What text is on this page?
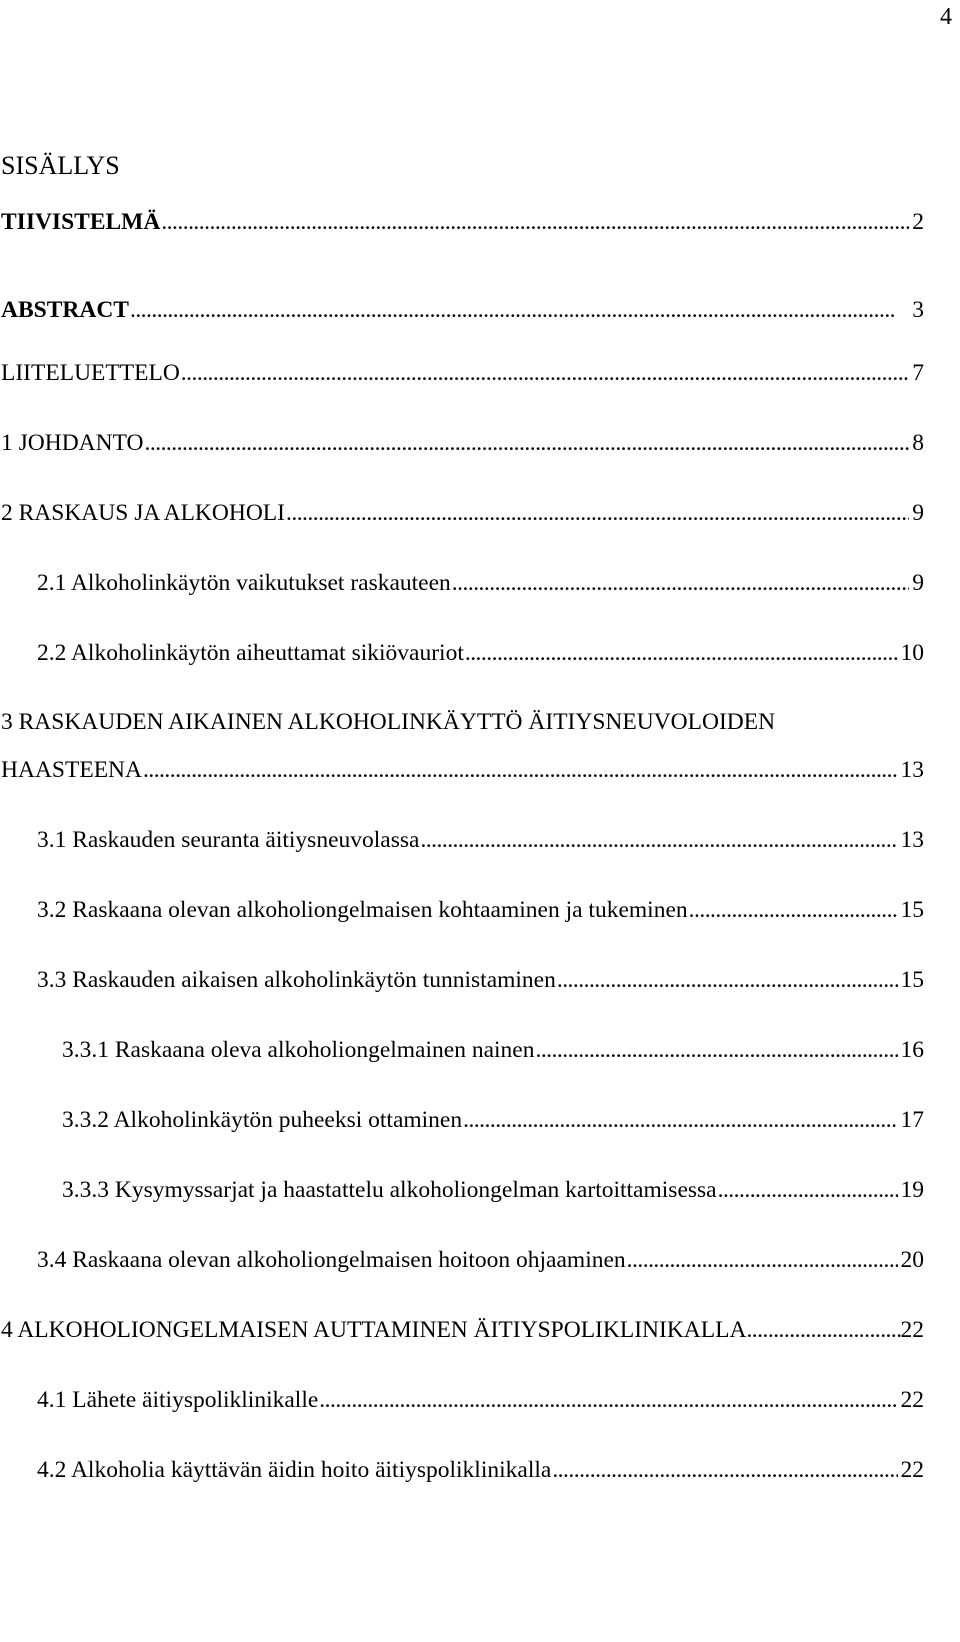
4
SISÄLLYS
TIIVISTELMÄ . . .	2
ABSTRACT . . .	3
LIITELUETTELO . . .	7
1 JOHDANTO . . .	8
2 RASKAUS JA ALKOHOLI . . .	9
2.1 Alkoholinkäytön vaikutukset raskauteen . . .	9
2.2 Alkoholinkäytön aiheuttamat sikiövauriot . . .	10
3 RASKAUDEN AIKAINEN ALKOHOLINKÄYTTÖ ÄITIYSNEUVOLOIDEN
HAASTEENA . . .	13
3.1 Raskauden seuranta äitiysneuvolassa . . .	13
3.2 Raskaana olevan alkoholiongelmaisen kohtaaminen ja tukeminen . . .	15
3.3 Raskauden aikaisen alkoholinkäytön tunnistaminen . . .	15
3.3.1 Raskaana oleva alkoholiongelmainen nainen . . .	16
3.3.2 Alkoholinkäytön puheeksi ottaminen . . .	17
3.3.3 Kysymyssarjat ja haastattelu alkoholiongelman kartoittamisessa . . .	19
3.4 Raskaana olevan alkoholiongelmaisen hoitoon ohjaaminen . . .	20
4 ALKOHOLIONGELMAISEN AUTTAMINEN ÄITIYSPOLIKLINIKALLA . . .	22
4.1 Lähete äitiyspoliklinikalle . . .	22
4.2 Alkoholia käyttävän äidin hoito äitiyspoliklinikalla . . .	22
